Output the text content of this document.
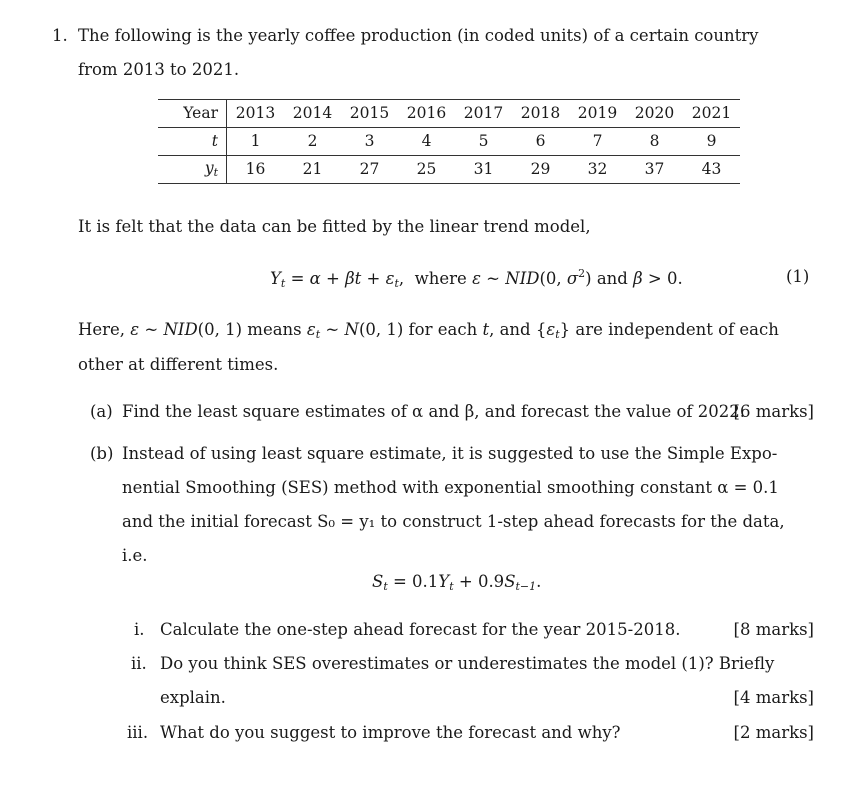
1. The following is the yearly coffee production (in coded units) of a certain country
from 2013 to 2021.
Year	2013	2014	2015	2016	2017	2018	2019	2020	2021
t	1	2	3	4	5	6	7	8	9
$y_t$	16	21	27	25	31	29	32	37	43
It is felt that the data can be fitted by the linear trend model,
$Y_t = \alpha + \beta t + \varepsilon_t$,  where ε ~ NID(0, $\sigma^2$) and β > 0.	(1)
Here, ε ~ NID(0, 1) means $\varepsilon_t$ ~ N(0, 1) for each t, and $\{\varepsilon_t\}$ are independent of each
other at different times.
(a) Find the least square estimates of α and β, and forecast the value of 2022.
[6 marks]
(b) Instead of using least square estimate, it is suggested to use the Simple Expo-
nential Smoothing (SES) method with exponential smoothing constant α = 0.1
and the initial forecast S₀ = y₁ to construct 1-step ahead forecasts for the data,
i.e.
$S_t = 0.1Y_t + 0.9S_{t-1}$.
i. Calculate the one-step ahead forecast for the year 2015-2018.	[8 marks]
ii. Do you think SES overestimates or underestimates the model (1)? Briefly
explain.	[4 marks]
iii. What do you suggest to improve the forecast and why?	[2 marks]
